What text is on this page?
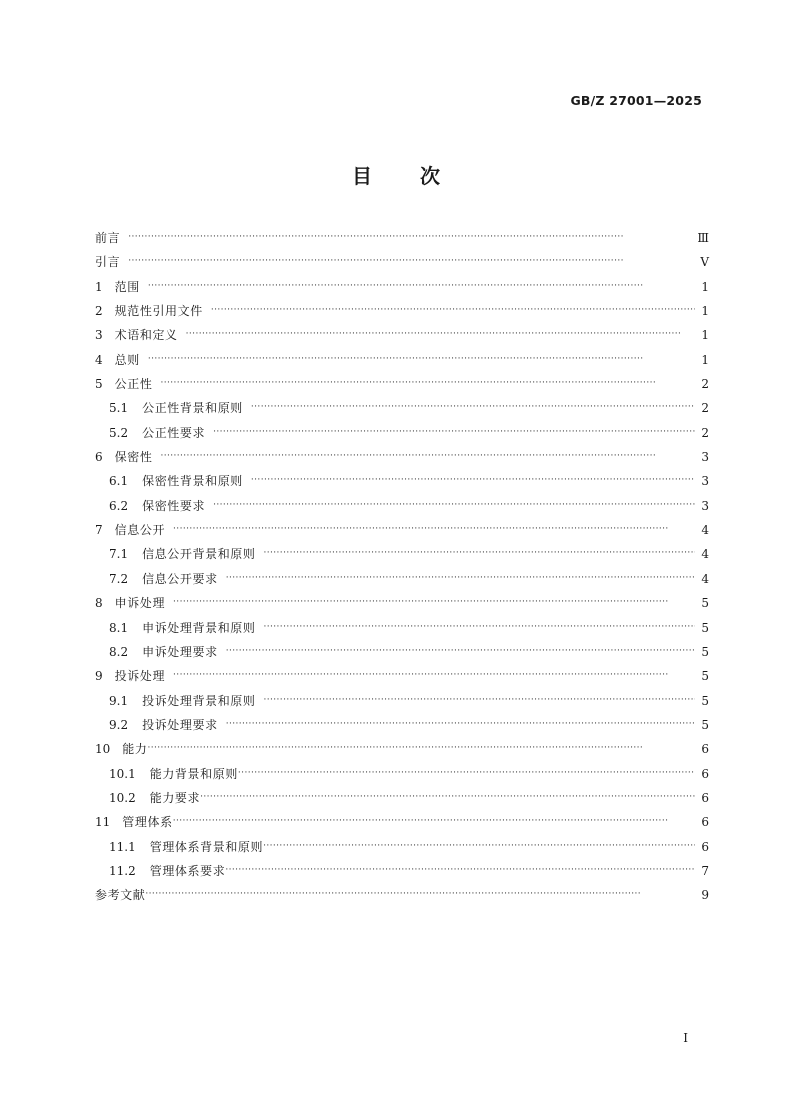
GB/Z 27001—2025
目 次
前言 ·····	Ⅲ
引言 ·····	Ⅴ
1 范围 ·····	1
2 规范性引用文件 ·····	1
3 术语和定义 ·····	1
4 总则 ·····	1
5 公正性 ·····	2
5.1 公正性背景和原则 ·····	2
5.2 公正性要求 ·····	2
6 保密性 ·····	3
6.1 保密性背景和原则 ·····	3
6.2 保密性要求 ·····	3
7 信息公开 ·····	4
7.1 信息公开背景和原则 ·····	4
7.2 信息公开要求 ·····	4
8 申诉处理 ·····	5
8.1 申诉处理背景和原则 ·····	5
8.2 申诉处理要求 ·····	5
9 投诉处理 ·····	5
9.1 投诉处理背景和原则 ·····	5
9.2 投诉处理要求 ·····	5
10 能力 ·····	6
10.1 能力背景和原则 ·····	6
10.2 能力要求 ·····	6
11 管理体系 ·····	6
11.1 管理体系背景和原则 ·····	6
11.2 管理体系要求 ·····	7
参考文献 ·····	9
I
